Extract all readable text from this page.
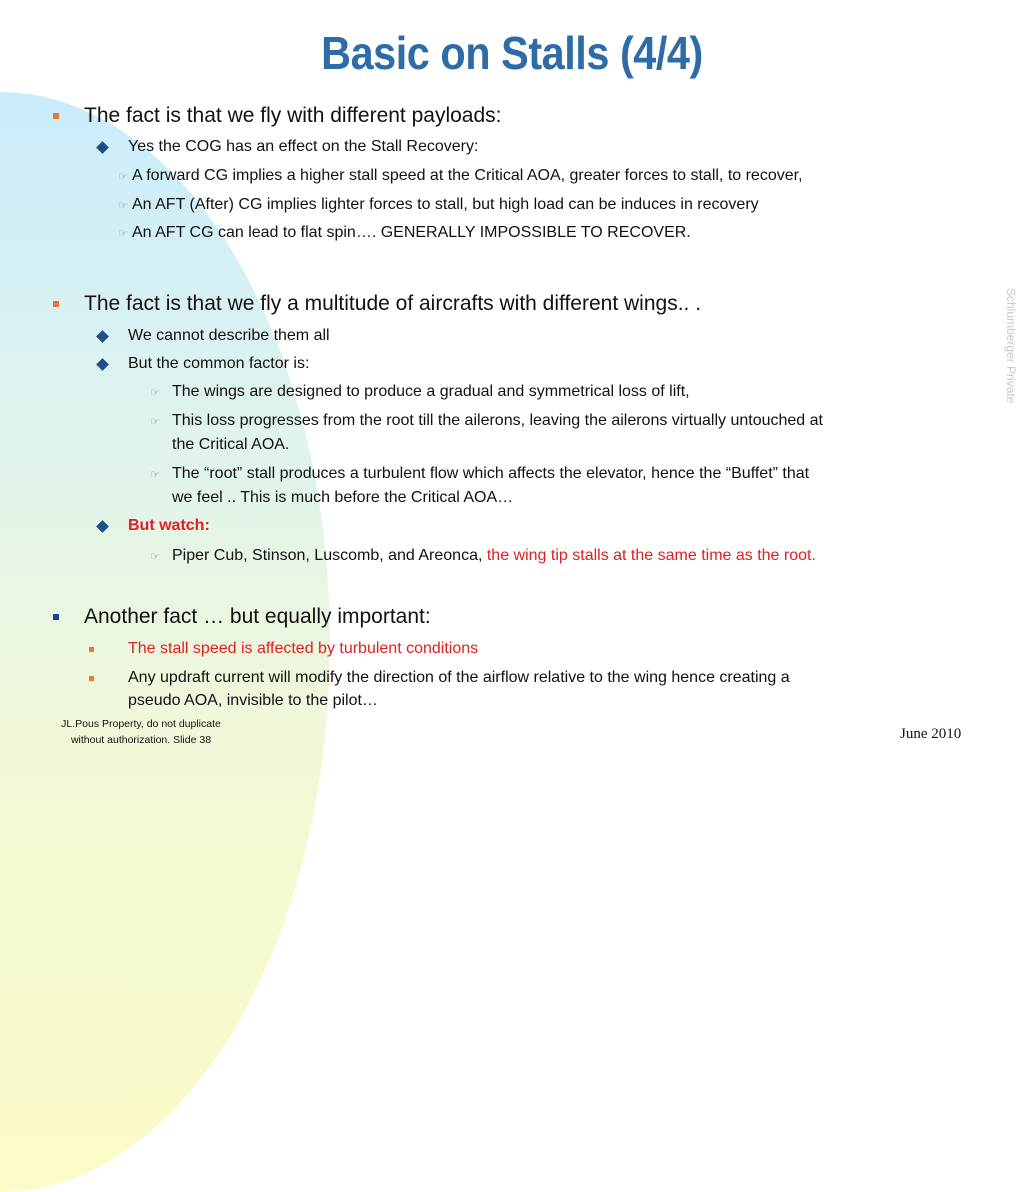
Basic on Stalls (4/4)
The fact is that we fly with different payloads:
Yes the COG has an effect on the Stall Recovery:
☞ A forward CG implies a higher stall speed at the Critical AOA, greater forces to stall, to recover,
☞ An AFT (After) CG implies lighter forces to stall, but high load can be induces in recovery
☞ An AFT CG can lead to flat spin…. GENERALLY IMPOSSIBLE TO RECOVER.
The fact is that we fly a multitude of aircrafts with different wings.. .
We cannot describe them all
But the common factor is:
☞ The wings are designed to produce a gradual and symmetrical loss of lift,
☞ This loss progresses from the root till the ailerons, leaving the ailerons virtually untouched at
the Critical AOA.
☞ The “root” stall produces a turbulent flow which affects the elevator, hence the “Buffet” that
we feel .. This is much before the Critical AOA…
But watch:
☞ Piper Cub, Stinson, Luscomb, and Areonca, the wing tip stalls at the same time as the root.
Another fact … but equally important:
The stall speed is affected by turbulent conditions
Any updraft current will modify the direction of the airflow relative to the wing hence creating a
pseudo AOA, invisible to the pilot…
Schlumberger Private
JL.Pous Property, do not duplicate
without authorization. Slide 38	June 2010
